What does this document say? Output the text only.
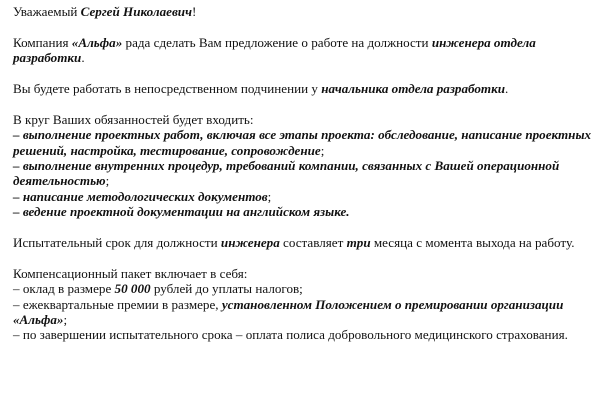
Уважаемый Сергей Николаевич!

Компания «Альфа» рада сделать Вам предложение о работе на должности инженера отдела разработки.

Вы будете работать в непосредственном подчинении у начальника отдела разработки.

В круг Ваших обязанностей будет входить:
– выполнение проектных работ, включая все этапы проекта: обследование, написание проектных решений, настройка, тестирование, сопровождение;
– выполнение внутренних процедур, требований компании, связанных с Вашей операционной деятельностью;
– написание методологических документов;
– ведение проектной документации на английском языке.

Испытательный срок для должности инженера составляет три месяца с момента выхода на работу.

Компенсационный пакет включает в себя:
– оклад в размере 50 000 рублей до уплаты налогов;
– ежеквартальные премии в размере, установленном Положением о премировании организации
«Альфа»;
– по завершении испытательного срока – оплата полиса добровольного медицинского страхования.
